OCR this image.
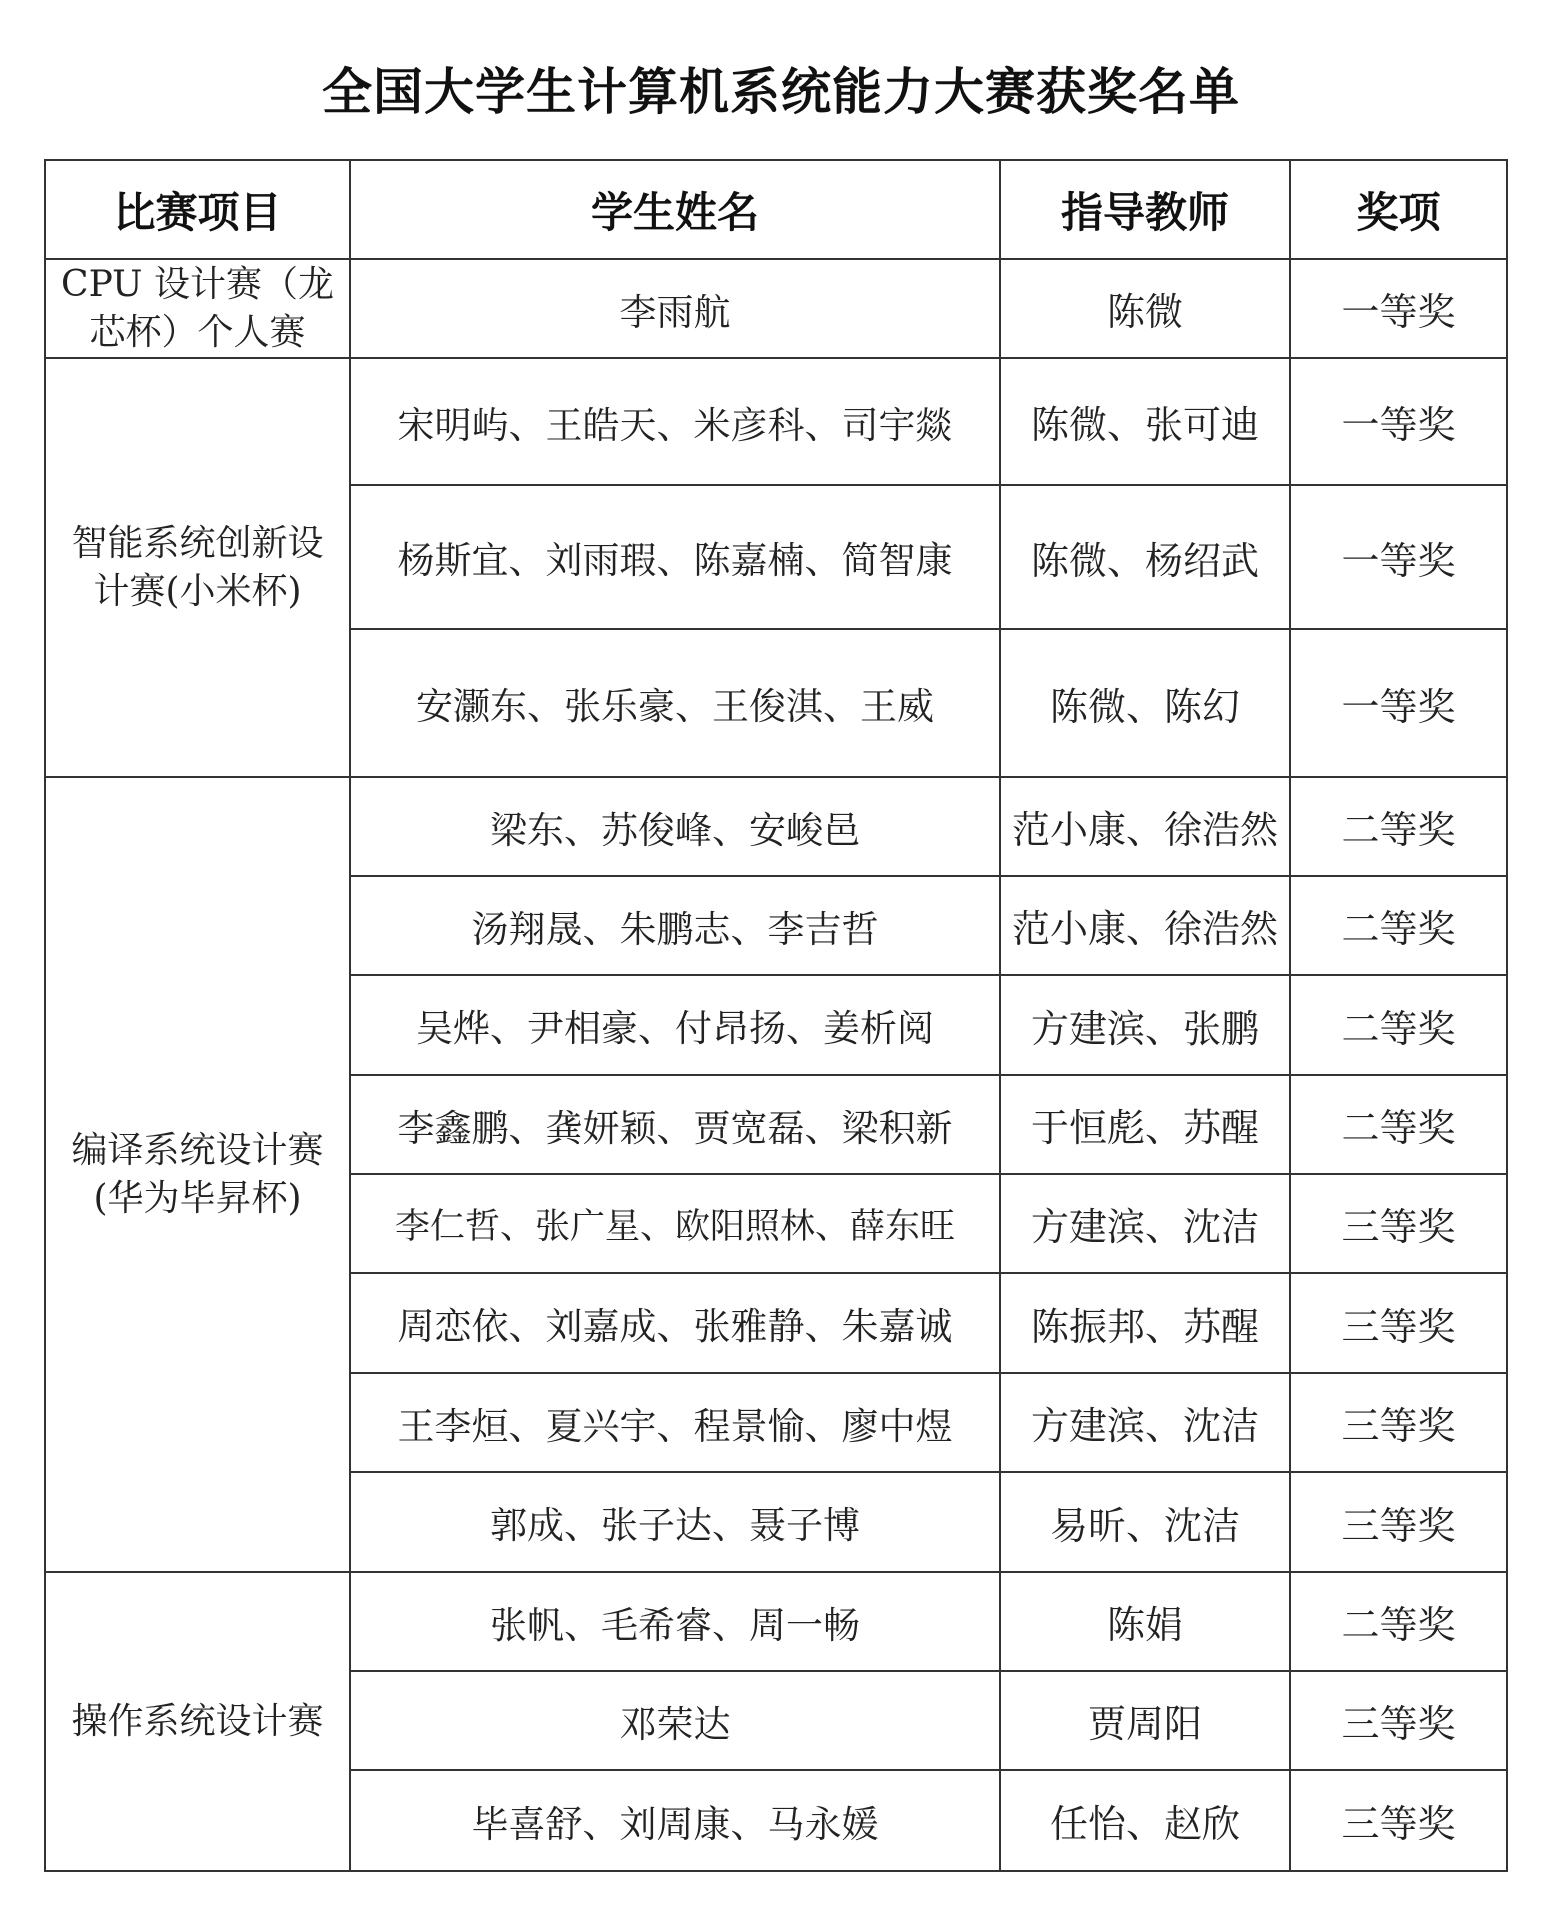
全国大学生计算机系统能力大赛获奖名单
比赛项目	学生姓名	指导教师	奖项
CPU 设计赛（龙芯杯）个人赛	李雨航	陈微	一等奖
智能系统创新设计赛(小米杯)	宋明屿、王皓天、米彦科、司宇燚	陈微、张可迪	一等奖
	杨斯宜、刘雨瑕、陈嘉楠、简智康	陈微、杨绍武	一等奖
	安灏东、张乐豪、王俊淇、王威	陈微、陈幻	一等奖
编译系统设计赛(华为毕昇杯)	梁东、苏俊峰、安峻邑	范小康、徐浩然	二等奖
	汤翔晟、朱鹏志、李吉哲	范小康、徐浩然	二等奖
	吴烨、尹相豪、付昂扬、姜析阅	方建滨、张鹏	二等奖
	李鑫鹏、龚妍颖、贾宽磊、梁积新	于恒彪、苏醒	二等奖
	李仁哲、张广星、欧阳照林、薛东旺	方建滨、沈洁	三等奖
	周恋依、刘嘉成、张雅静、朱嘉诚	陈振邦、苏醒	三等奖
	王李烜、夏兴宇、程景愉、廖中煜	方建滨、沈洁	三等奖
	郭成、张子达、聂子博	易昕、沈洁	三等奖
操作系统设计赛	张帆、毛希睿、周一畅	陈娟	二等奖
	邓荣达	贾周阳	三等奖
	毕喜舒、刘周康、马永媛	任怡、赵欣	三等奖
